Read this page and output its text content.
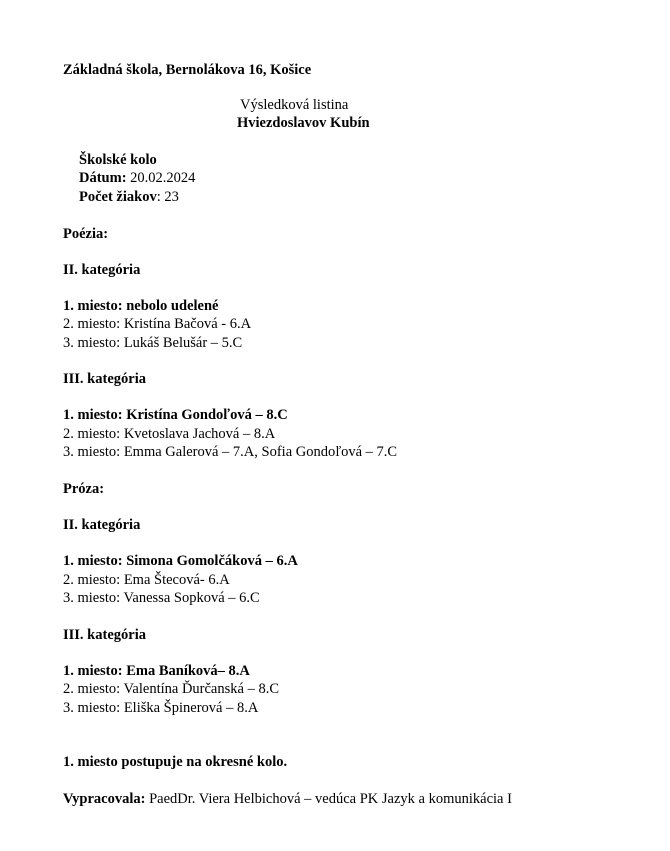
Základná škola, Bernolákova 16, Košice
Výsledková listina
Hviezdoslavov Kubín
Školské kolo
Dátum: 20.02.2024
Počet žiakov: 23
Poézia:
II. kategória
1. miesto: nebolo udelené
2. miesto: Kristína Bačová - 6.A
3. miesto: Lukáš Belušár – 5.C
III. kategória
1. miesto: Kristína Gondoľová – 8.C
2. miesto: Kvetoslava Jachová – 8.A
3. miesto: Emma Galerová – 7.A, Sofia Gondoľová – 7.C
Próza:
II. kategória
1. miesto: Simona Gomolčáková – 6.A
2. miesto: Ema Štecová- 6.A
3. miesto: Vanessa Sopková – 6.C
III. kategória
1. miesto: Ema Baníková– 8.A
2. miesto: Valentína Ďurčanská – 8.C
3. miesto: Eliška Špinerová – 8.A
1. miesto postupuje na okresné kolo.
Vypracovala: PaedDr. Viera Helbichová – vedúca PK Jazyk a komunikácia I
